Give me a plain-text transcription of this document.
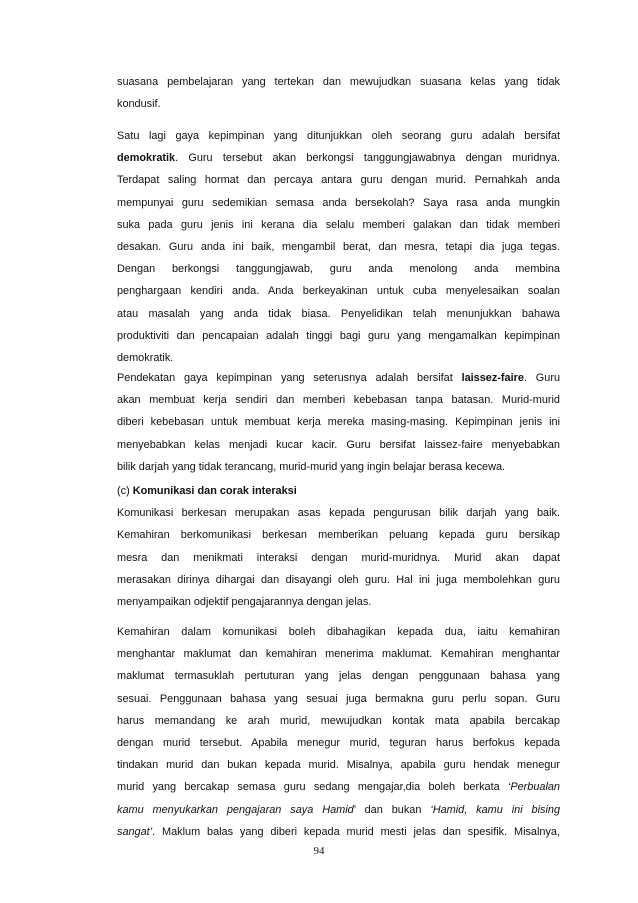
suasana pembelajaran yang tertekan dan mewujudkan suasana kelas yang tidak
kondusif.
Satu lagi gaya kepimpinan yang ditunjukkan oleh seorang guru adalah bersifat
demokratik. Guru tersebut akan berkongsi tanggungjawabnya dengan muridnya.
Terdapat saling hormat dan percaya antara guru dengan murid. Pernahkah anda
mempunyai guru sedemikian semasa anda bersekolah? Saya rasa anda mungkin
suka pada guru jenis ini kerana dia selalu memberi galakan dan tidak memberi
desakan. Guru anda ini baik, mengambil berat, dan mesra, tetapi dia juga tegas.
Dengan berkongsi tanggungjawab, guru anda menolong anda membina
penghargaan kendiri anda. Anda berkeyakinan untuk cuba menyelesaikan soalan
atau masalah yang anda tidak biasa. Penyelidikan telah menunjukkan bahawa
produktiviti dan pencapaian adalah tinggi bagi guru yang mengamalkan kepimpinan
demokratik.
Pendekatan gaya kepimpinan yang seterusnya adalah bersifat laissez-faire. Guru
akan membuat kerja sendiri dan memberi kebebasan tanpa batasan. Murid-murid
diberi kebebasan untuk membuat kerja mereka masing-masing. Kepimpinan jenis ini
menyebabkan kelas menjadi kucar kacir. Guru bersifat laissez-faire menyebabkan
bilik darjah yang tidak terancang, murid-murid yang ingin belajar berasa kecewa.
(c) Komunikasi dan corak interaksi
Komunikasi berkesan merupakan asas kepada pengurusan bilik darjah yang baik.
Kemahiran berkomunikasi berkesan memberikan peluang kepada guru bersikap
mesra dan menikmati interaksi dengan murid-muridnya. Murid akan dapat
merasakan dirinya dihargai dan disayangi oleh guru. Hal ini juga membolehkan guru
menyampaikan odjektif pengajarannya dengan jelas.
Kemahiran dalam komunikasi boleh dibahagikan kepada dua, iaitu kemahiran
menghantar maklumat dan kemahiran menerima maklumat. Kemahiran menghantar
maklumat termasuklah pertuturan yang jelas dengan penggunaan bahasa yang
sesuai. Penggunaan bahasa yang sesuai juga bermakna guru perlu sopan. Guru
harus memandang ke arah murid, mewujudkan kontak mata apabila bercakap
dengan murid tersebut. Apabila menegur murid, teguran harus berfokus kepada
tindakan murid dan bukan kepada murid. Misalnya, apabila guru hendak menegur
murid yang bercakap semasa guru sedang mengajar,dia boleh berkata ‘Perbualan
kamu menyukarkan pengajaran saya Hamid’ dan bukan ‘Hamid, kamu ini bising
sangat’. Maklum balas yang diberi kepada murid mesti jelas dan spesifik. Misalnya,
94
